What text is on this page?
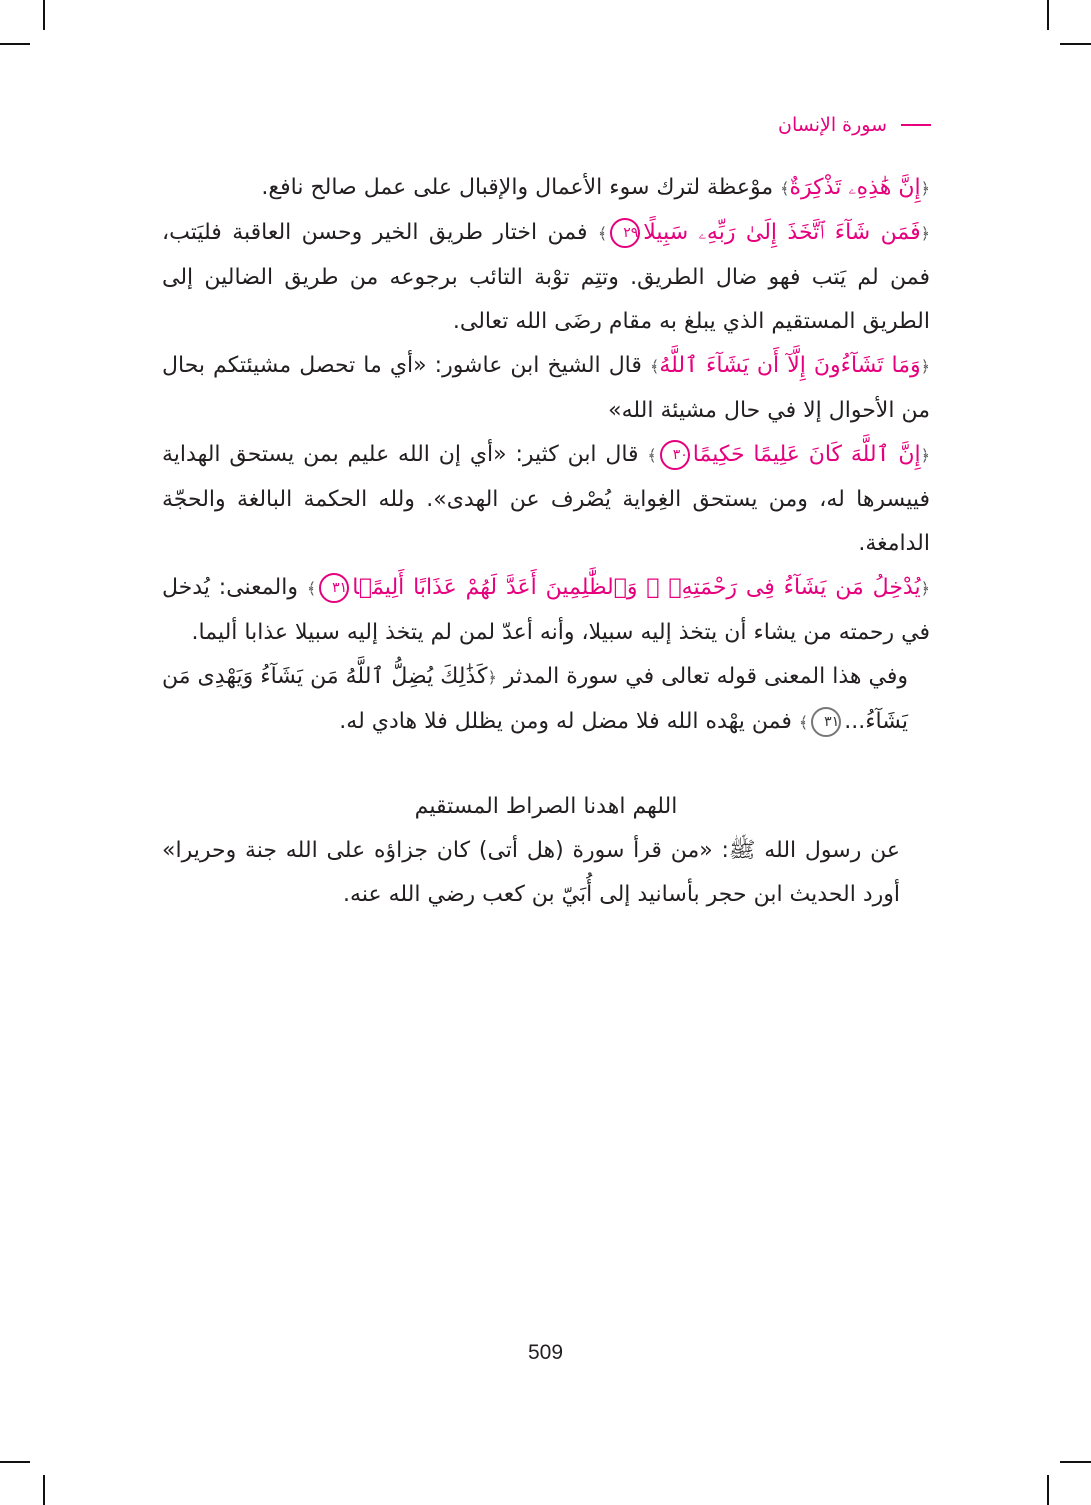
سورة الإنسان

﴿إِنَّ هَٰذِهِۦ تَذْكِرَةٌ﴾ موْعظة لترك سوء الأعمال والإقبال على عمل صالح نافع.

﴿فَمَن شَآءَ ٱتَّخَذَ إِلَىٰ رَبِّهِۦ سَبِيلًا٢٩﴾ فمن اختار طريق الخير وحسن العاقبة فليَتب، فمن لم يَتب فهو ضال الطريق. وتتِم توْبة التائب برجوعه من طريق الضالين إلى الطريق المستقيم الذي يبلغ به مقام رضَى الله تعالى.

﴿وَمَا تَشَآءُونَ إِلَّآ أَن يَشَآءَ ٱللَّهُ﴾ قال الشيخ ابن عاشور: «أي ما تحصل مشيئتكم بحال من الأحوال إلا في حال مشيئة الله»

﴿إِنَّ ٱللَّهَ كَانَ عَلِيمًا حَكِيمًا٣٠﴾ قال ابن كثير: «أي إن الله عليم بمن يستحق الهداية فييسرها له، ومن يستحق الغِواية يُصْرف عن الهدى». ولله الحكمة البالغة والحجّة الدامغة.

﴿يُدْخِلُ مَن يَشَآءُ فِى رَحْمَتِهِۦ ۚ وَٱلظَّٰلِمِينَ أَعَدَّ لَهُمْ عَذَابًا أَلِيمًۢا٣١﴾ والمعنى: يُدخل في رحمته من يشاء أن يتخذ إليه سبيلا، وأنه أعدّ لمن لم يتخذ إليه سبيلا عذابا أليما.

وفي هذا المعنى قوله تعالى في سورة المدثر ﴿كَذَٰلِكَ يُضِلُّ ٱللَّهُ مَن يَشَآءُ وَيَهْدِى مَن يَشَآءُ...٣١﴾ فمن يهْده الله فلا مضل له ومن يظلل فلا هادي له.

اللهم اهدنا الصراط المستقيم

عن رسول الله ﷺ: «من قرأ سورة (هل أتى) كان جزاؤه على الله جنة وحريرا» أورد الحديث ابن حجر بأسانيد إلى أُبَيّ بن كعب رضي الله عنه.

509
